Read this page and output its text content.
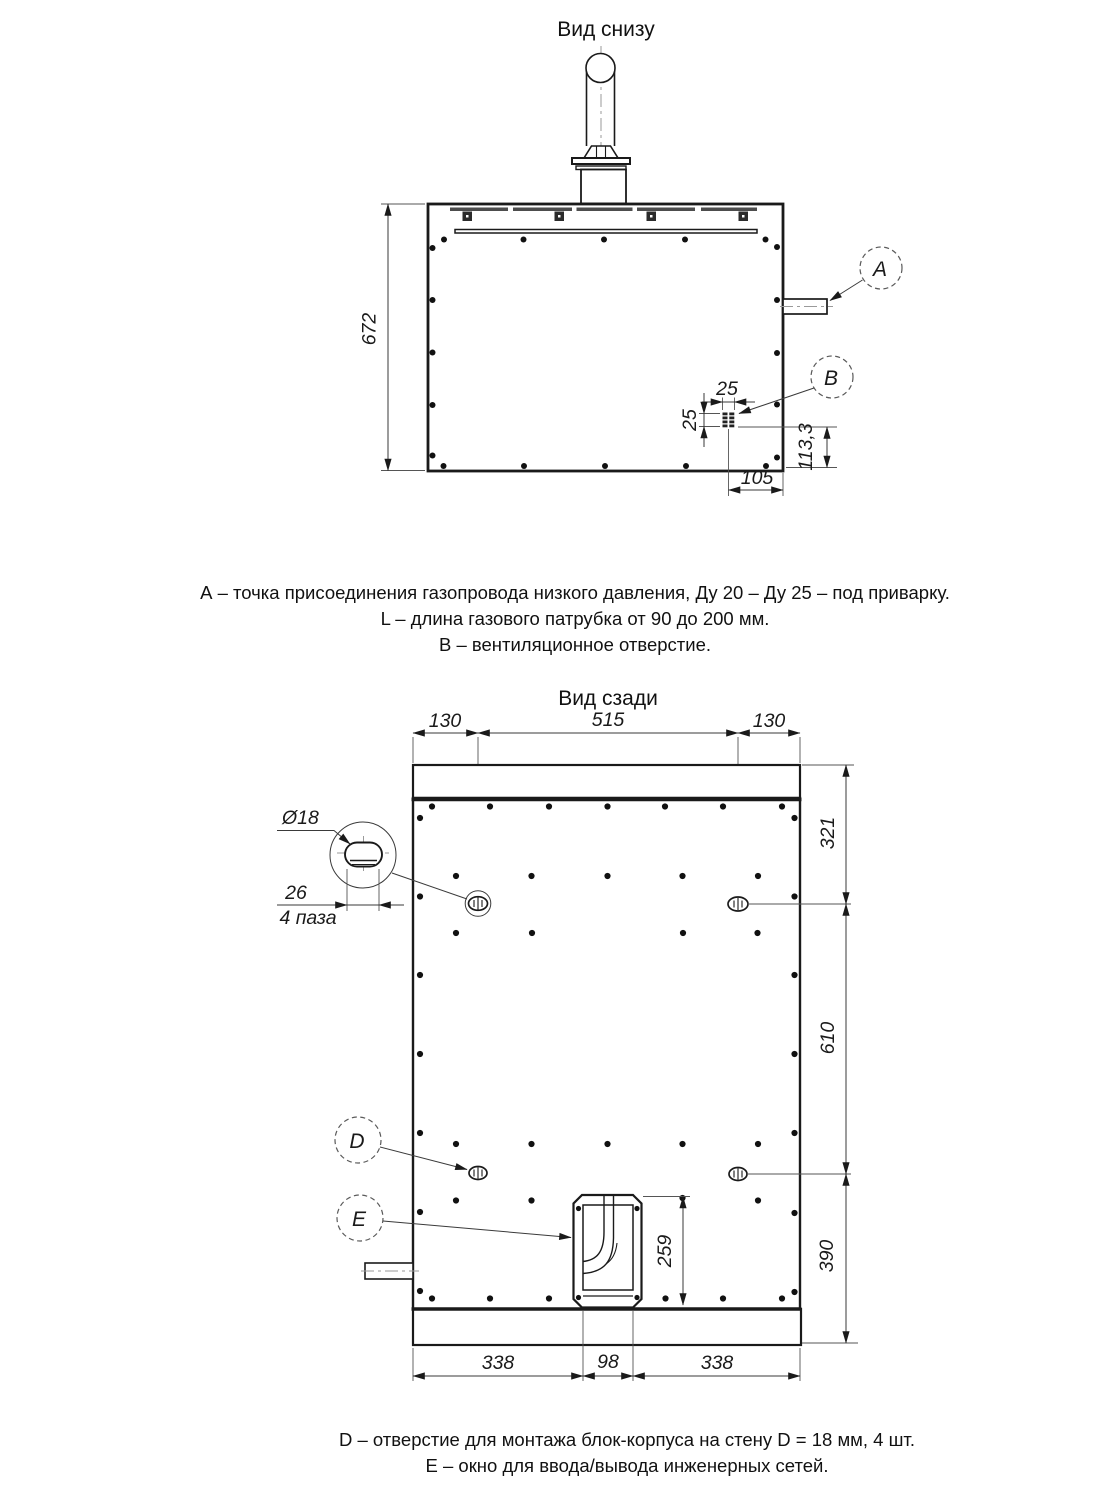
Вид снизу
A
B
672
25
25
113,3
105
А – точка присоединения газопровода низкого давления, Ду 20 – Ду 25 – под приварку.
L – длина газового патрубка от 90 до 200 мм.
В – вентиляционное отверстие.
Вид сзади
130	515	130
Ø18
26
4 паза
D
E
259
321
610
390
338	98	338
D – отверстие для монтажа блок-корпуса на стену D = 18 мм, 4 шт.
Е – окно для ввода/вывода инженерных сетей.
